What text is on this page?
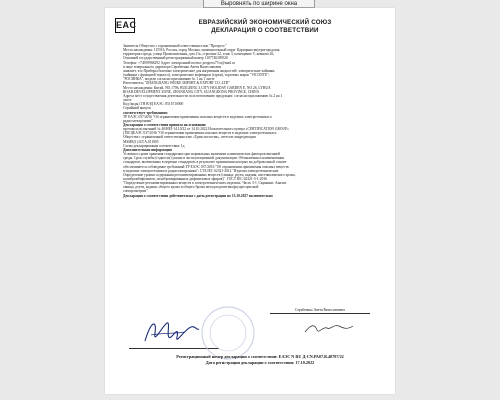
Выровнять по ширине окна
EAC	ЕВРАЗИЙСКИЙ ЭКОНОМИЧЕСКИЙ СОЮЗ
ДЕКЛАРАЦИЯ О СООТВЕТСТВИИ
Заявитель Общество с ограниченной ответственностью "Прогресс"
Место нахождения: 115516, Россия, город Москва, муниципальный округ Царицыно внутригородская
территория города, улица Промышленная, дом 11к, строение 22, этаж 3, помещение V, комната 26,
Основной государственный регистрационный номер 1107746309520
Телефон: +74959968292 Адрес электронной почты: progress77ro@mail.ru
в лице генерального директора Серабеенко Аветя Вячеславович
заявляет, что Приборы бытовые электрические для нагревания жидкостей: электрические чайники,
(чайники с функцией термоса), электрические кофеварки (турки), торговых марок "VICONTE",
"РОСИНКА", модели согласно приложению № 1 на 1 листе
Изготовитель "ZHANGJIANG WEIKE IMPORT & EXPORT CO.,LTD"
Место нахождения: Китай, NO.1706, BUILDING 3,CITY HOLIDAY GARDEN E, NO.26, LYHUA
ROAD.DEVELOPMENT ZONE, ZHANJIANG CITY, GUANGDONG PROVINCE, CHINA
Адреса мест осуществления деятельности по изготовлению продукции: согласно приложению № 2 на 1
листе
Код (коды) ТН ВЭД ЕАЭС: 8516710000
Серийный выпуск
соответствует требованиям
ТР ЕАЭС 037/2016 "Об ограничении применения опасных веществ в изделиях электротехники и
радиоэлектроники"
Декларация о соответствии принята на основании
протокола испытаний № 40/HEJ-14.10/22 от 14.10.2022 Испытательного центра «CERTIFICATION GROUP»
(ТМ ЦЕАЭС 037/2016 "Об ограничении применения опасных веществ в изделиях электротехники и
Общества с ограниченной ответственностью «Транслогистик», аттестат аккредитации
МSМЕ(1).ОЛ.А.011805
Схема декларирования соответствия: 1д
Дополнительная информация
Условия и сроки хранения стандартные при нормальных значениях климатических факторов внешней
среды. Срок службы (годности) указан в эксплуатационной документации. Обозначения и наименования
стандартов, включенных в перечни стандартов, в результате применения которых на добровольной основе
обеспечивается соблюдение требований ТР ЕАЭС 037/2016 "Об ограничении применения опасных веществ
в изделиях электротехники и радиоэлектроники": СТБ IEC 62321-2012 "Изделия электротехнические.
Определение уровня содержания регламентированных веществ (свинца, ртути, кадмия, шестивалентного хрома,
полибромбифенилов, полибромированных дифениловых эфиров)". ГОСТ IEC 62321-3-1-2016
"Определение регламентированных веществ в электротехнических изделиях. Часть 3-1. Скрининг. Анализ
свинца, ртути, кадмия, общего хрома и общего брома методом рентгенофлуоресцентной
спектрометрии".
Декларация о соответствии действительна с даты регистрации по 13.10.2027 включительно
Серабеенко Аветя Вячеславович
Регистрационный номер декларации о соответствии: ЕАЭС N RU Д-CN.РА07.В.40787/22
Дата регистрации декларации о соответствии: 17.10.2022
